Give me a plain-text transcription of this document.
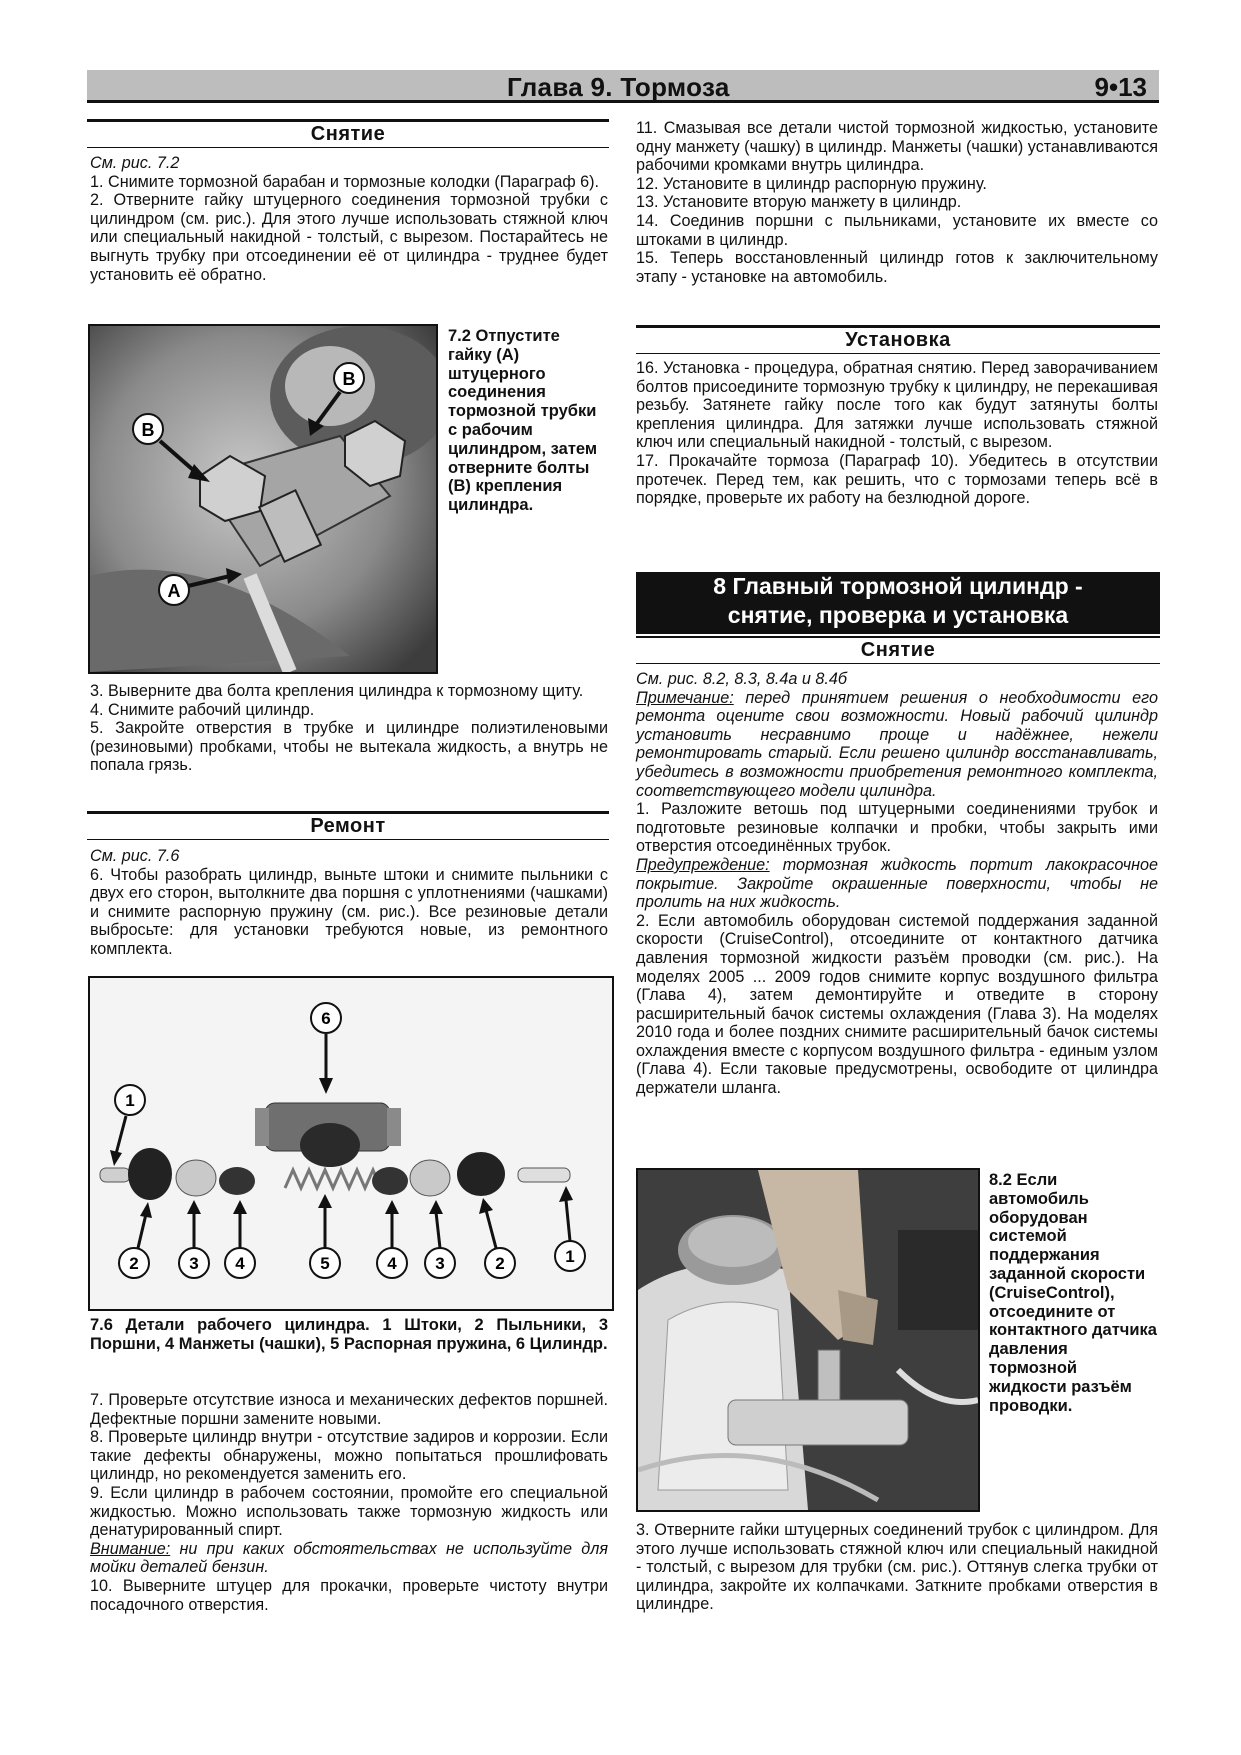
Глава 9. Тормоза	9•13
Снятие

См. рис. 7.2

1. Снимите тормозной барабан и тормозные колодки (Параграф 6).

2. Отверните гайку штуцерного соединения тормозной трубки с цилиндром (см. рис.). Для этого лучше использовать стяжной ключ или специальный накидной - толстый, с вырезом. Постарайтесь не выгнуть трубку при отсоединении её от цилиндра - труднее будет установить её обратно.

B
B
A
7.2 Отпустите гайку (А) штуцерного соединения тормозной трубки с рабочим цилиндром, затем отверните болты (В) крепления цилиндра.

3. Выверните два болта крепления цилиндра к тормозному щиту.

4. Снимите рабочий цилиндр.

5. Закройте отверстия в трубке и цилиндре полиэтиленовыми (резиновыми) пробками, чтобы не вытекала жидкость, а внутрь не попала грязь.

Ремонт

См. рис. 7.6

6. Чтобы разобрать цилиндр, выньте штоки и снимите пыльники с двух его сторон, вытолкните два поршня с уплотнениями (чашками) и снимите распорную пружину (см. рис.). Все резиновые детали выбросьте: для установки требуются новые, из ремонтного комплекта.

6
1
2	3 4	5	4 3	2	1
7.6 Детали рабочего цилиндра. 1 Штоки, 2 Пыльники, 3 Поршни, 4 Манжеты (чашки), 5 Распорная пружина, 6 Цилиндр.

7. Проверьте отсутствие износа и механических дефектов поршней. Дефектные поршни замените новыми.

8. Проверьте цилиндр внутри - отсутствие задиров и коррозии. Если такие дефекты обнаружены, можно попытаться прошлифовать цилиндр, но рекомендуется заменить его.

9. Если цилиндр в рабочем состоянии, промойте его специальной жидкостью. Можно использовать также тормозную жидкость или денатурированный спирт.

Внимание: ни при каких обстоятельствах не используйте для мойки деталей бензин.

10. Выверните штуцер для прокачки, проверьте чистоту внутри посадочного отверстия.

11. Смазывая все детали чистой тормозной жидкостью, установите одну манжету (чашку) в цилиндр. Манжеты (чашки) устанавливаются рабочими кромками внутрь цилиндра.

12. Установите в цилиндр распорную пружину.

13. Установите вторую манжету в цилиндр.

14. Соединив поршни с пыльниками, установите их вместе со штоками в цилиндр.

15. Теперь восстановленный цилиндр готов к заключительному этапу - установке на автомобиль.

Установка

16. Установка - процедура, обратная снятию. Перед заворачиванием болтов присоедините тормозную трубку к цилиндру, не перекашивая резьбу. Затянете гайку после того как будут затянуты болты крепления цилиндра. Для затяжки лучше использовать стяжной ключ или специальный накидной - толстый, с вырезом.

17. Прокачайте тормоза (Параграф 10). Убедитесь в отсутствии протечек. Перед тем, как решить, что с тормозами теперь всё в порядке, проверьте их работу на безлюдной дороге.

8 Главный тормозной цилиндр -
снятие, проверка и установка
Снятие

См. рис. 8.2, 8.3, 8.4а и 8.4б

Примечание: перед принятием решения о необходимости его ремонта оцените свои возможности. Новый рабочий цилиндр установить несравнимо проще и надёжнее, нежели ремонтировать старый. Если решено цилиндр восстанавливать, убедитесь в возможности приобретения ремонтного комплекта, соответствующего модели цилиндра.

1. Разложите ветошь под штуцерными соединениями трубок и подготовьте резиновые колпачки и пробки, чтобы закрыть ими отверстия отсоединённых трубок.

Предупреждение: тормозная жидкость портит лакокрасочное покрытие. Закройте окрашенные поверхности, чтобы не пролить на них жидкость.

2. Если автомобиль оборудован системой поддержания заданной скорости (CruiseControl), отсоедините от контактного датчика давления тормозной жидкости разъём проводки (см. рис.). На моделях 2005 ... 2009 годов снимите корпус воздушного фильтра (Глава 4), затем демонтируйте и отведите в сторону расширительный бачок системы охлаждения (Глава 3). На моделях 2010 года и более поздних снимите расширительный бачок системы охлаждения вместе с корпусом воздушного фильтра - единым узлом (Глава 4). Если таковые предусмотрены, освободите от цилиндра держатели шланга.

8.2 Если автомобиль оборудован системой поддержания заданной скорости (CruiseControl), отсоедините от контактного датчика давления тормозной жидкости разъём проводки.
3. Отверните гайки штуцерных соединений трубок с цилиндром. Для этого лучше использовать стяжной ключ или специальный накидной - толстый, с вырезом для трубки (см. рис.). Оттянув слегка трубки от цилиндра, закройте их колпачками. Заткните пробками отверстия в цилиндре.
